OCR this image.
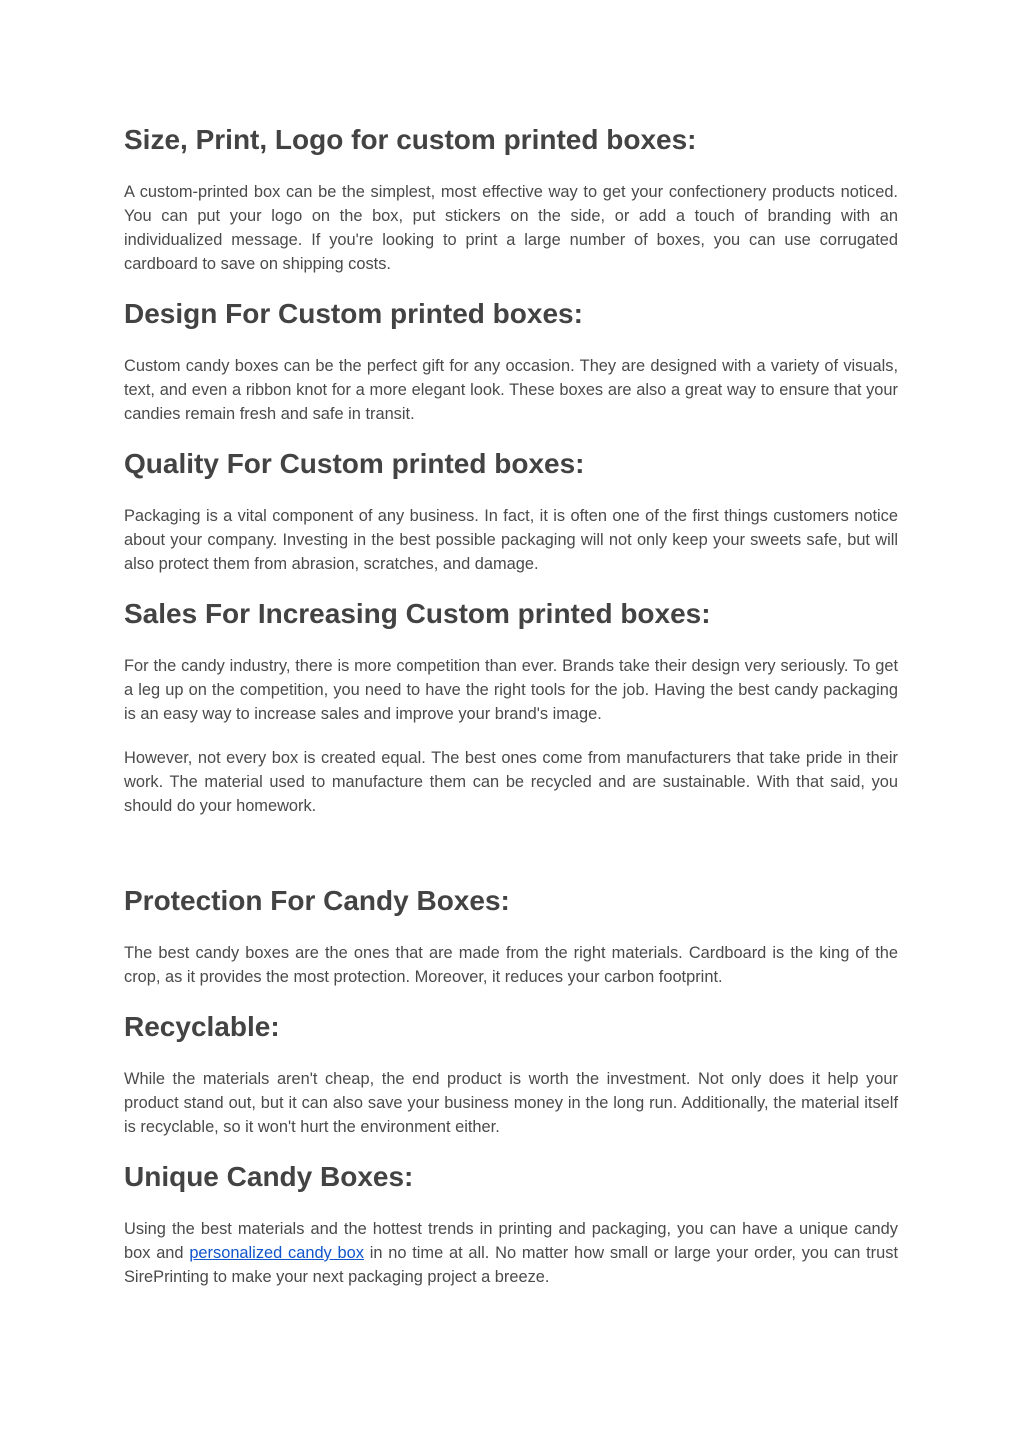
Size, Print, Logo for custom printed boxes:

A custom-printed box can be the simplest, most effective way to get your confectionery products noticed. You can put your logo on the box, put stickers on the side, or add a touch of branding with an individualized message. If you're looking to print a large number of boxes, you can use corrugated cardboard to save on shipping costs.

Design For Custom printed boxes:

Custom candy boxes can be the perfect gift for any occasion. They are designed with a variety of visuals, text, and even a ribbon knot for a more elegant look. These boxes are also a great way to ensure that your candies remain fresh and safe in transit.

Quality For Custom printed boxes:

Packaging is a vital component of any business. In fact, it is often one of the first things customers notice about your company. Investing in the best possible packaging will not only keep your sweets safe, but will also protect them from abrasion, scratches, and damage.

Sales For Increasing Custom printed boxes:

For the candy industry, there is more competition than ever. Brands take their design very seriously. To get a leg up on the competition, you need to have the right tools for the job. Having the best candy packaging is an easy way to increase sales and improve your brand's image.

However, not every box is created equal. The best ones come from manufacturers that take pride in their work. The material used to manufacture them can be recycled and are sustainable. With that said, you should do your homework.

Protection For Candy Boxes:

The best candy boxes are the ones that are made from the right materials. Cardboard is the king of the crop, as it provides the most protection. Moreover, it reduces your carbon footprint.

Recyclable:

While the materials aren't cheap, the end product is worth the investment. Not only does it help your product stand out, but it can also save your business money in the long run. Additionally, the material itself is recyclable, so it won't hurt the environment either.

Unique Candy Boxes:

Using the best materials and the hottest trends in printing and packaging, you can have a unique candy box and personalized candy box in no time at all. No matter how small or large your order, you can trust SirePrinting to make your next packaging project a breeze.
